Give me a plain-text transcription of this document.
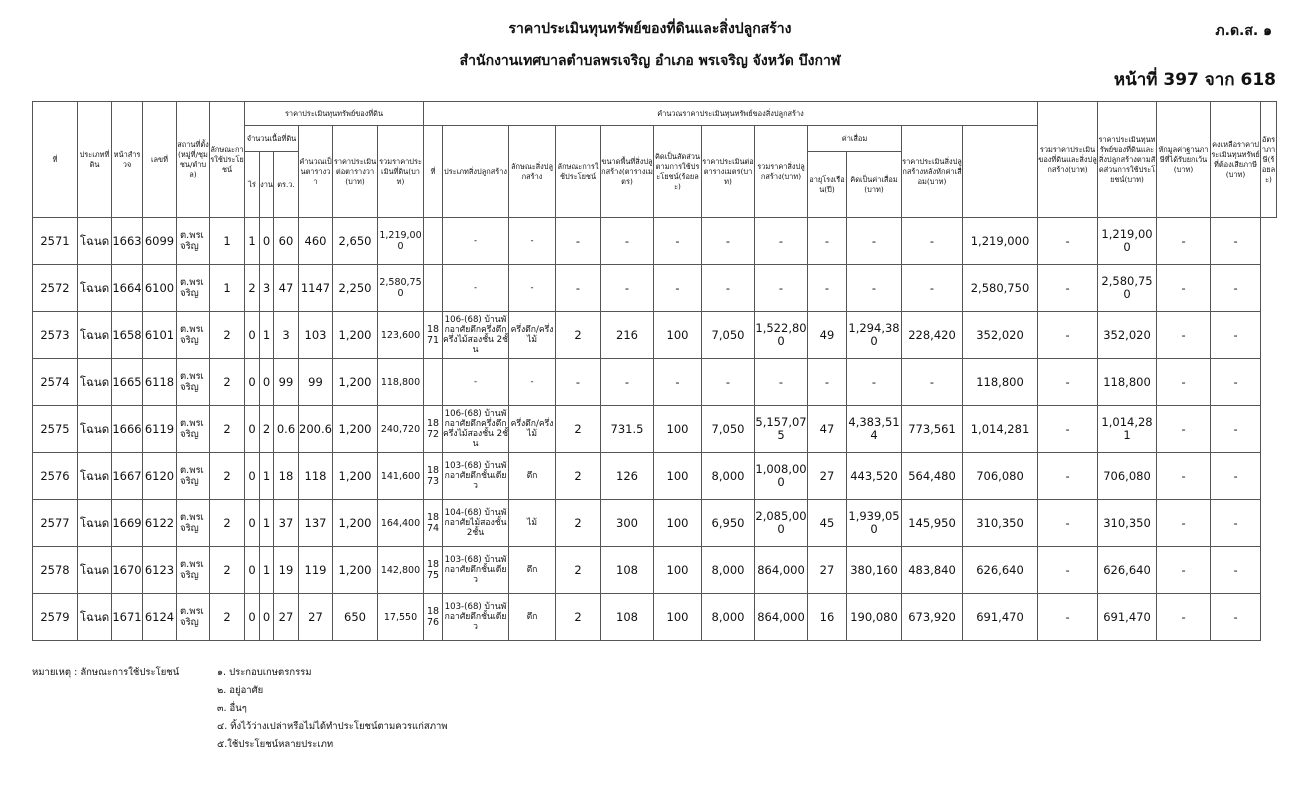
ราคาประเมินทุนทรัพย์ของที่ดินและสิ่งปลูกสร้าง
สำนักงานเทศบาลตำบลพรเจริญ อำเภอ พรเจริญ จังหวัด บึงกาฬ
ภ.ด.ส. ๑
หน้าที่ 397 จาก 618
ที่	ประเภทที่ดิน	หน้าสำรวจ	เลขที่	สถานที่ตั้ง(หมู่ที่/ชุมชน/ตำบล)	ลักษณะการใช้ประโยชน์	ราคาประเมินทุนทรัพย์ของที่ดิน						คำนวณราคาประเมินทุนทรัพย์ของสิ่งปลูกสร้าง												รวมราคาประเมินของที่ดินและสิ่งปลูกสร้าง(บาท)	ราคาประเมินทุนทรัพย์ของที่ดินและสิ่งปลูกสร้างตามสัดส่วนการใช้ประโยชน์(บาท)	หักมูลค่าฐานภาษีที่ได้รับยกเว้น(บาท)	คงเหลือราคาประเมินทุนทรัพย์ที่ต้องเสียภาษี(บาท)	อัตราภาษี(ร้อยละ)
						จำนวนเนื้อที่ดิน			คำนวณเป็นตารางวา	ราคาประเมินต่อตารางวา(บาท)	รวมราคาประเมินที่ดิน(บาท)	ที่	ประเภทสิ่งปลูกสร้าง	ลักษณะสิ่งปลูกสร้าง	ลักษณะการใช้ประโยชน์	ขนาดพื้นที่สิ่งปลูกสร้าง(ตารางเมตร)	คิดเป็นสัดส่วนตามการใช้ประโยชน์(ร้อยละ)	ราคาประเมินต่อตารางเมตร(บาท)	รวมราคาสิ่งปลูกสร้าง(บาท)	ค่าเสื่อม		ราคาประเมินสิ่งปลูกสร้างหลังหักค่าเสื่อม(บาท)						
						ไร่	งาน	ตร.ว.												อายุโรงเรือน(ปี)	คิดเป็นค่าเสื่อม(บาท)							
2571	โฉนด	1663	6099	ต.พรเจริญ	1	1	0	60	460	2,650	1,219,000		-	-	-	-	-	-	-	-	-	-	1,219,000	-	1,219,000	-	-	
2572	โฉนด	1664	6100	ต.พรเจริญ	1	2	3	47	1147	2,250	2,580,750		-	-	-	-	-	-	-	-	-	-	2,580,750	-	2,580,750	-	-	
2573	โฉนด	1658	6101	ต.พรเจริญ	2	0	1	3	103	1,200	123,600	1871	106-(68) บ้านพักอาศัยตึกครึ่งตึกครึ่งไม้สองชั้น 2ชั้น	ครึ่งตึก/ครึ่งไม้	2	216	100	7,050	1,522,800	49	1,294,380	228,420	352,020	-	352,020	-	-	
2574	โฉนด	1665	6118	ต.พรเจริญ	2	0	0	99	99	1,200	118,800		-	-	-	-	-	-	-	-	-	-	118,800	-	118,800	-	-	
2575	โฉนด	1666	6119	ต.พรเจริญ	2	0	2	0.6	200.6	1,200	240,720	1872	106-(68) บ้านพักอาศัยตึกครึ่งตึกครึ่งไม้สองชั้น 2ชั้น	ครึ่งตึก/ครึ่งไม้	2	731.5	100	7,050	5,157,075	47	4,383,514	773,561	1,014,281	-	1,014,281	-	-	
2576	โฉนด	1667	6120	ต.พรเจริญ	2	0	1	18	118	1,200	141,600	1873	103-(68) บ้านพักอาศัยตึกชั้นเดียว	ตึก	2	126	100	8,000	1,008,000	27	443,520	564,480	706,080	-	706,080	-	-	
2577	โฉนด	1669	6122	ต.พรเจริญ	2	0	1	37	137	1,200	164,400	1874	104-(68) บ้านพักอาศัยไม้สองชั้น 2ชั้น	ไม้	2	300	100	6,950	2,085,000	45	1,939,050	145,950	310,350	-	310,350	-	-	
2578	โฉนด	1670	6123	ต.พรเจริญ	2	0	1	19	119	1,200	142,800	1875	103-(68) บ้านพักอาศัยตึกชั้นเดียว	ตึก	2	108	100	8,000	864,000	27	380,160	483,840	626,640	-	626,640	-	-	
2579	โฉนด	1671	6124	ต.พรเจริญ	2	0	0	27	27	650	17,550	1876	103-(68) บ้านพักอาศัยตึกชั้นเดียว	ตึก	2	108	100	8,000	864,000	16	190,080	673,920	691,470	-	691,470	-	-	
หมายเหตุ : ลักษณะการใช้ประโยชน์	๑. ประกอบเกษตรกรรม
๒. อยู่อาศัย
๓. อื่นๆ
๔. ทิ้งไว้ว่างเปล่าหรือไม่ได้ทำประโยชน์ตามควรแก่สภาพ
๕.ใช้ประโยชน์หลายประเภท
